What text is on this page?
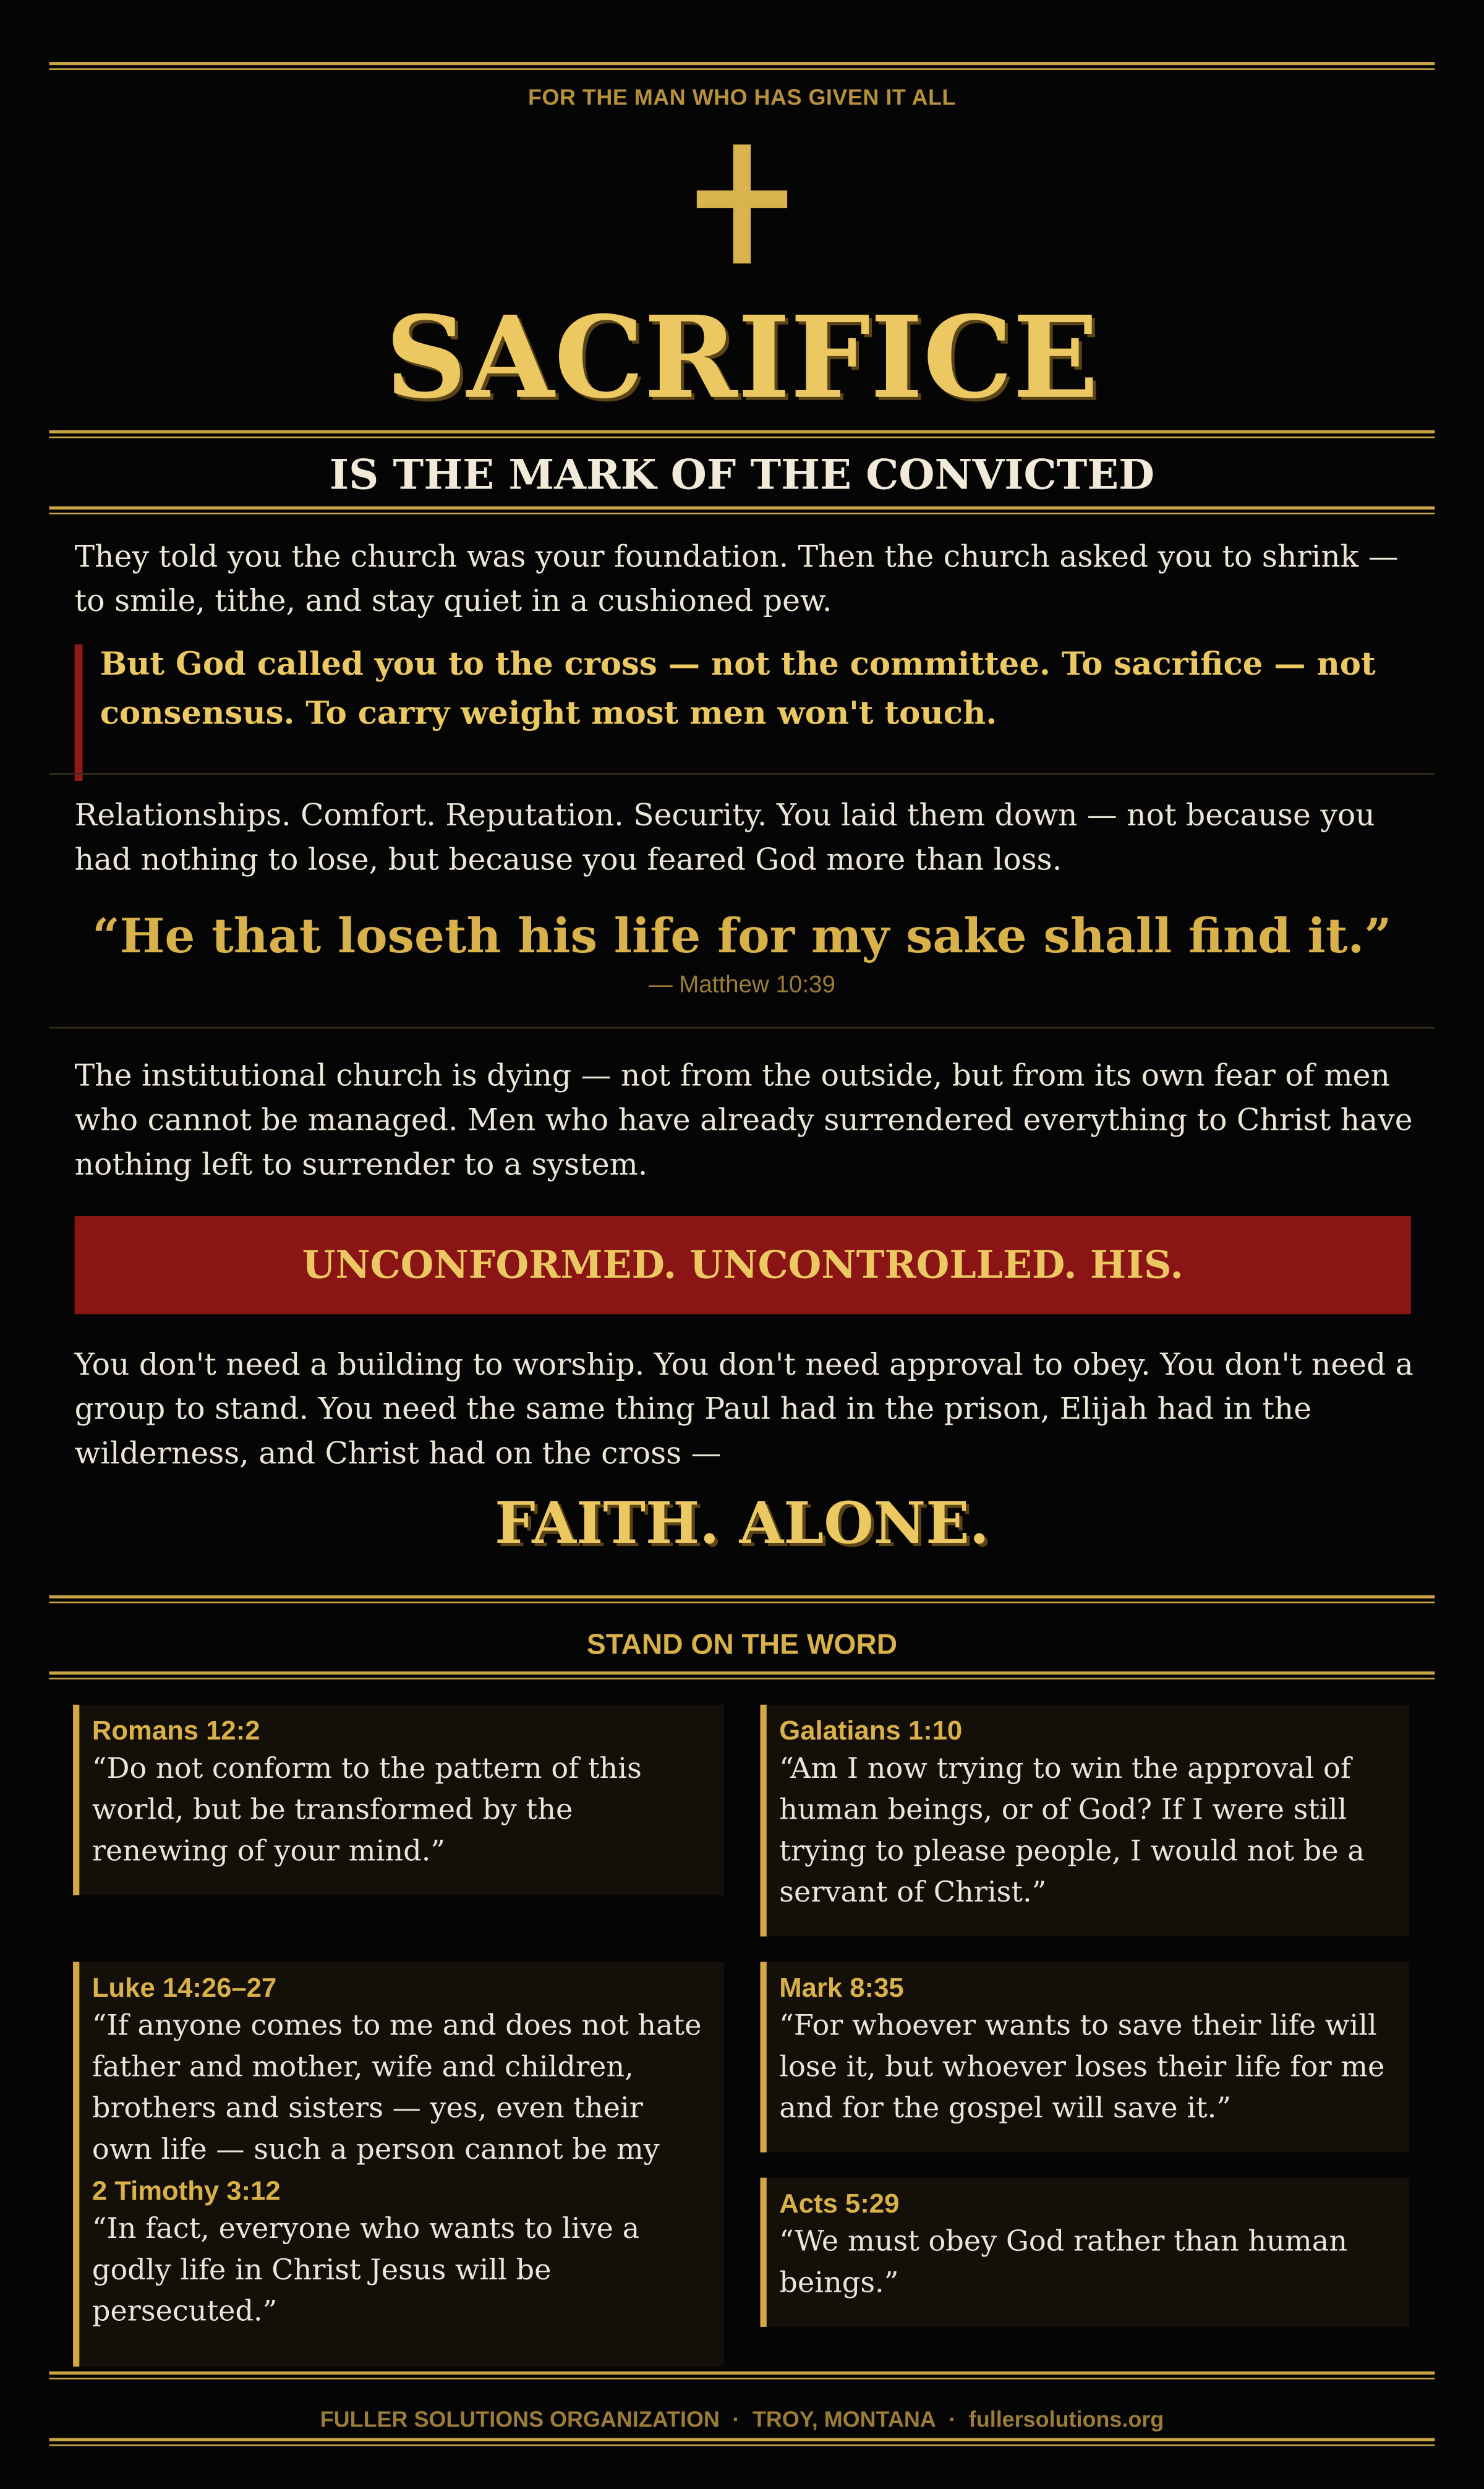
FOR THE MAN WHO HAS GIVEN IT ALL
SACRIFICE
IS THE MARK OF THE CONVICTED
They told you the church was your foundation. Then the church asked you to shrink — to smile, tithe, and stay quiet in a cushioned pew.
But God called you to the cross — not the committee. To sacrifice — not consensus. To carry weight most men won't touch.
Relationships. Comfort. Reputation. Security. You laid them down — not because you had nothing to lose, but because you feared God more than loss.
“He that loseth his life for my sake shall find it.”
— Matthew 10:39
The institutional church is dying — not from the outside, but from its own fear of men who cannot be managed. Men who have already surrendered everything to Christ have nothing left to surrender to a system.
UNCONFORMED. UNCONTROLLED. HIS.
You don't need a building to worship. You don't need approval to obey. You don't need a group to stand. You need the same thing Paul had in the prison, Elijah had in the wilderness, and Christ had on the cross —
FAITH. ALONE.
STAND ON THE WORD
Romans 12:2
“Do not conform to the pattern of this world, but be transformed by the renewing of your mind.”
Galatians 1:10
“Am I now trying to win the approval of human beings, or of God? If I were still trying to please people, I would not be a servant of Christ.”
Luke 14:26–27
“If anyone comes to me and does not hate father and mother, wife and children, brothers and sisters — yes, even their own life — such a person cannot be my
2 Timothy 3:12
“In fact, everyone who wants to live a godly life in Christ Jesus will be persecuted.”
Mark 8:35
“For whoever wants to save their life will lose it, but whoever loses their life for me and for the gospel will save it.”
Acts 5:29
“We must obey God rather than human beings.”
FULLER SOLUTIONS ORGANIZATION · TROY, MONTANA · fullersolutions.org
